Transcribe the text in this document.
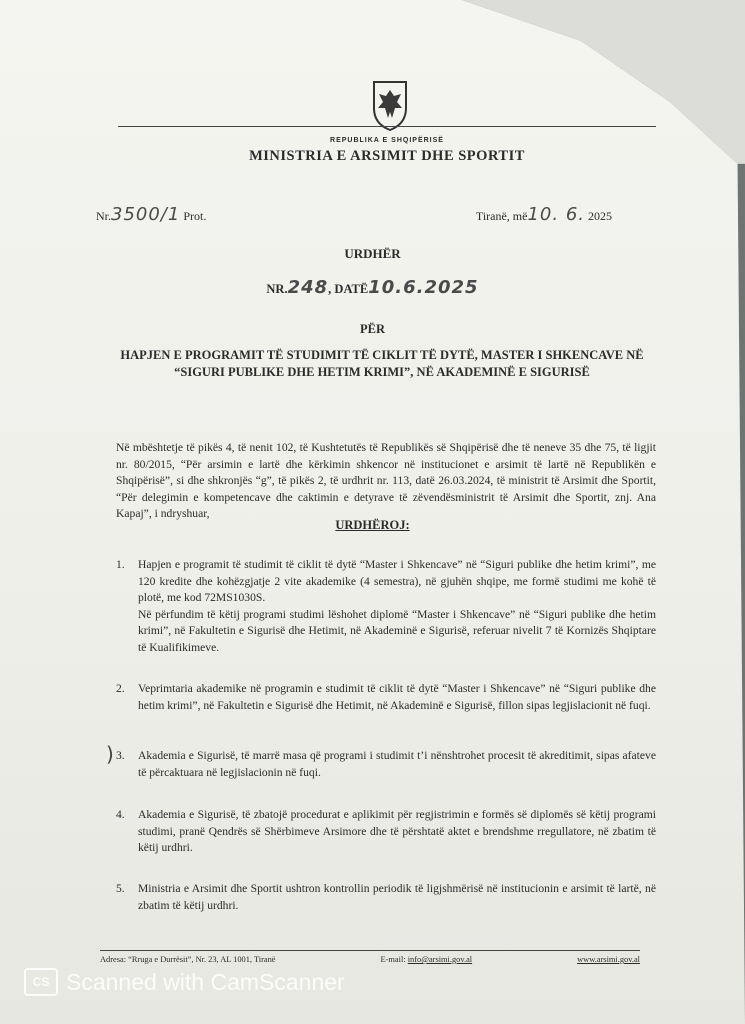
REPUBLIKA E SHQIPËRISË
MINISTRIA E ARSIMIT DHE SPORTIT
Nr.3500/1 Prot.	Tiranë, më10. 6. 2025
URDHËR
NR.248, DATË10.6.2025
PËR
HAPJEN E PROGRAMIT TË STUDIMIT TË CIKLIT TË DYTË, MASTER I SHKENCAVE NË “SIGURI PUBLIKE DHE HETIM KRIMI”, NË AKADEMINË E SIGURISË
Në mbështetje të pikës 4, të nenit 102, të Kushtetutës të Republikës së Shqipërisë dhe të neneve 35 dhe 75, të ligjit nr. 80/2015, “Për arsimin e lartë dhe kërkimin shkencor në institucionet e arsimit të lartë në Republikën e Shqipërisë”, si dhe shkronjës “g”, të pikës 2, të urdhrit nr. 113, datë 26.03.2024, të ministrit të Arsimit dhe Sportit, “Për delegimin e kompetencave dhe caktimin e detyrave të zëvendësministrit të Arsimit dhe Sportit, znj. Ana Kapaj”, i ndryshuar,
URDHËROJ:
1.	Hapjen e programit të studimit të ciklit të dytë “Master i Shkencave” në “Siguri publike dhe hetim krimi”, me 120 kredite dhe kohëzgjatje 2 vite akademike (4 semestra), në gjuhën shqipe, me formë studimi me kohë të plotë, me kod 72MS1030S.
Në përfundim të këtij programi studimi lëshohet diplomë “Master i Shkencave” në “Siguri publike dhe hetim krimi”, në Fakultetin e Sigurisë dhe Hetimit, në Akademinë e Sigurisë, referuar nivelit 7 të Kornizës Shqiptare të Kualifikimeve.
2.	Veprimtaria akademike në programin e studimit të ciklit të dytë “Master i Shkencave” në “Siguri publike dhe hetim krimi”, në Fakultetin e Sigurisë dhe Hetimit, në Akademinë e Sigurisë, fillon sipas legjislacionit në fuqi.
) 3.	Akademia e Sigurisë, të marrë masa që programi i studimit t’i nënshtrohet procesit të akreditimit, sipas afateve të përcaktuara në legjislacionin në fuqi.
4.	Akademia e Sigurisë, të zbatojë procedurat e aplikimit për regjistrimin e formës së diplomës së këtij programi studimi, pranë Qendrës së Shërbimeve Arsimore dhe të përshtatë aktet e brendshme rregullatore, në zbatim të këtij urdhri.
5.	Ministria e Arsimit dhe Sportit ushtron kontrollin periodik të ligjshmërisë në institucionin e arsimit të lartë, në zbatim të këtij urdhri.
Adresa: “Rruga e Durrësit”, Nr. 23, AL 1001, Tiranë	E-mail: info@arsimi.gov.al	www.arsimi.gov.al
CS Scanned with CamScanner
